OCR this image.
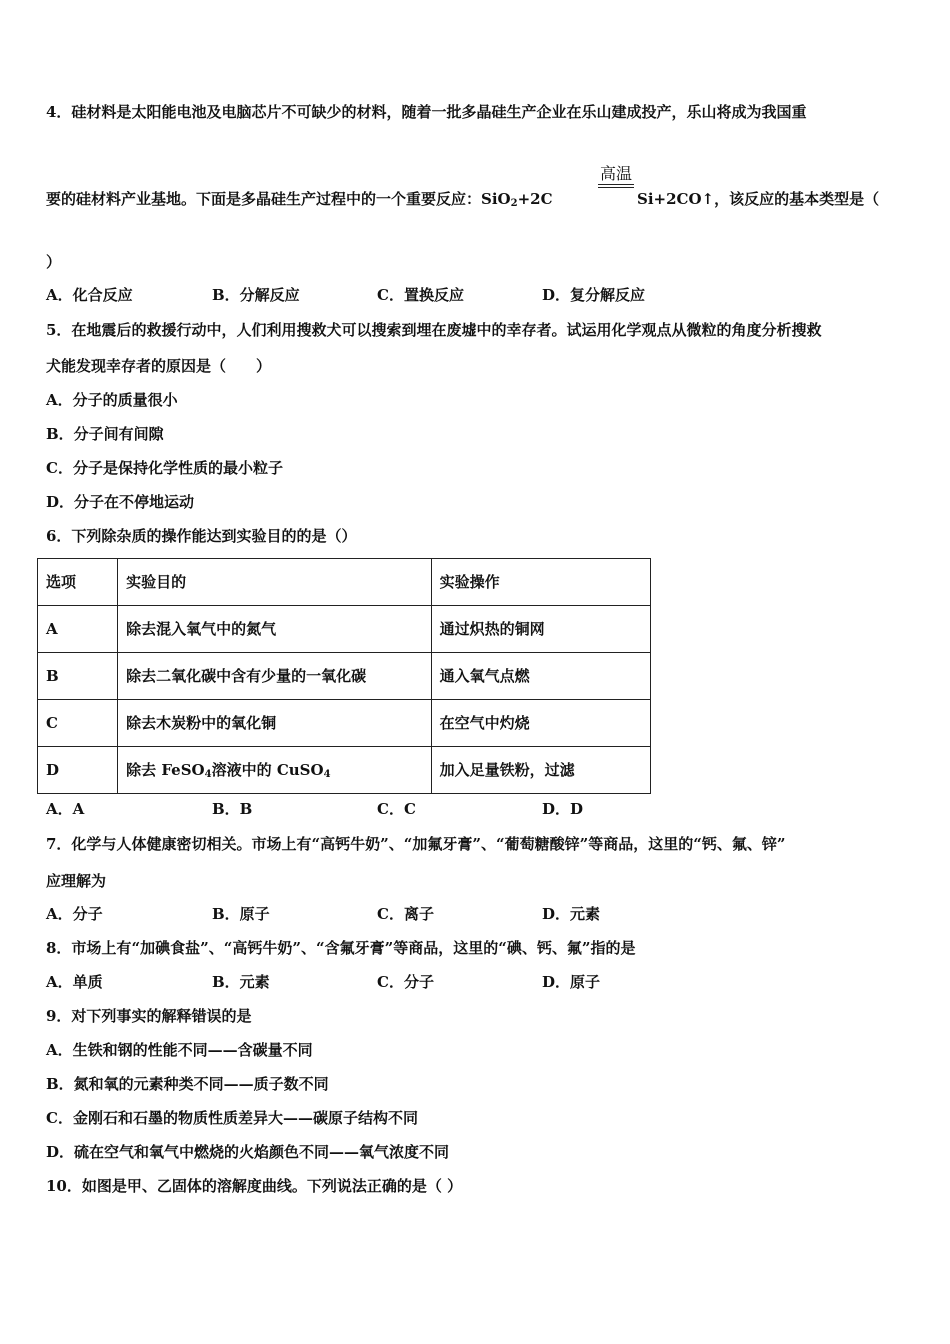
4．硅材料是太阳能电池及电脑芯片不可缺少的材料，随着一批多晶硅生产企业在乐山建成投产，乐山将成为我国重
要的硅材料产业基地。下面是多晶硅生产过程中的一个重要反应：SiO$_2$+2C
高温
Si+2CO↑，该反应的基本类型是（
）
A．化合反应	B．分解反应	C．置换反应	D．复分解反应
5．在地震后的救援行动中，人们利用搜救犬可以搜索到埋在废墟中的幸存者。试运用化学观点从微粒的角度分析搜救
犬能发现幸存者的原因是（　　）
A．分子的质量很小
B．分子间有间隙
C．分子是保持化学性质的最小粒子
D．分子在不停地运动
6．下列除杂质的操作能达到实验目的的是（）
选项	实验目的	实验操作
A	除去混入氧气中的氮气	通过炽热的铜网
B	除去二氧化碳中含有少量的一氧化碳	通入氧气点燃
C	除去木炭粉中的氧化铜	在空气中灼烧
D	除去 FeSO$_4$溶液中的 CuSO$_4$	加入足量铁粉，过滤
A．A	B．B	C．C	D．D
7．化学与人体健康密切相关。市场上有“高钙牛奶”、“加氟牙膏”、“葡萄糖酸锌”等商品，这里的“钙、氟、锌”
应理解为
A．分子	B．原子	C．离子	D．元素
8．市场上有“加碘食盐”、“高钙牛奶”、“含氟牙膏”等商品，这里的“碘、钙、氟”指的是
A．单质	B．元素	C．分子	D．原子
9．对下列事实的解释错误的是
A．生铁和钢的性能不同——含碳量不同
B．氮和氧的元素种类不同——质子数不同
C．金刚石和石墨的物质性质差异大——碳原子结构不同
D．硫在空气和氧气中燃烧的火焰颜色不同——氧气浓度不同
10．如图是甲、乙固体的溶解度曲线。下列说法正确的是（ ）
